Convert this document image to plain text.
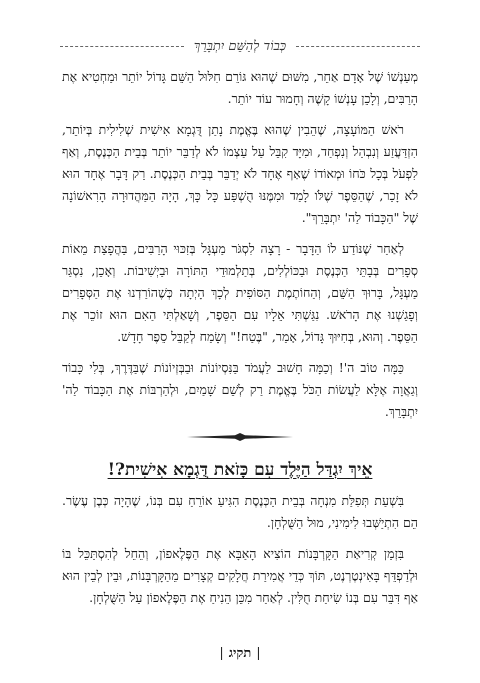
כְּבוֹד לְהַשֵּׁם יִתְבָּרֵךְ

מְעַנְשׁוֹ שֶׁל אָדָם אַחֵר, מִשּׁוּם שֶׁהוּא גּוֹרֵם חִלּוּל הַשֵּׁם גָּדוֹל יוֹתֵר וּמַחְטִיא אֶת הָרַבִּים, וְלָכֵן עָנְשׁוֹ קָשֶׁה וְחָמוּר עוֹד יוֹתֵר.

רֹאשׁ הַמּוֹעָצָה, שֶׁהֵבִין שֶׁהוּא בֶּאֱמֶת נָתַן דֻּגְמָא אִישִׁית שְׁלִילִית בְּיוֹתֵר, הִזְדַּעֲזַע וְנִבְהַל וְנִפְחַד, וּמִיָּד קִבֵּל עַל עַצְמוֹ לֹא לְדַבֵּר יוֹתֵר בְּבֵית הַכְּנֶסֶת, וְאַף לִפְעֹל בְּכָל כֹּחוֹ וּמְאוֹדוֹ שֶׁאַף אֶחָד לֹא יְדַבֵּר בְּבֵית הַכְּנֶסֶת. רַק דָּבָר אֶחָד הוּא לֹא זָכַר, שֶׁהַסֵּפֶר שֶׁלֹּו לָמַד וּמִמֶּנּוּ הֻשְׁפַּע כָּל כָּךְ, הָיָה הַמַּהֲדוּרָה הָרִאשׁוֹנָה שֶׁל "הַכָּבוֹד לַה' יִתְבָּרֵךְ".

לְאַחַר שֶׁנּוֹדַע לוֹ הַדָּבָר - רָצָה לִסְגֹּר מַעְגָּל בְּזִכּוּי הָרַבִּים, בַּהֲפָצַת מֵאוֹת סְפָרִים בְּבָתֵּי הַכְּנֶסֶת וּבַכּוֹלְלִים, בְּתַלְמוּדֵי הַתּוֹרָה וּבַיְשִׁיבוֹת. וְאָכֵן, נִסְגַּר מַעְגָּל, בָּרוּךְ הַשֵּׁם, וְהַחוֹתֶמֶת הַסּוֹפִית לְכָךְ הָיְתָה כְּשֶׁהוֹרַדְנוּ אֶת הַסְּפָרִים וְפָגַשְׁנוּ אֶת הָרֹאשׁ. נִגַּשְׁתִּי אֵלָיו עִם הַסֵּפֶר, וְשָׁאַלְתִּי הַאִם הוּא זוֹכֵר אֶת הַסֵּפֶר. וְהוּא, בְּחִיּוּךְ גָּדוֹל, אָמַר, "בֶּטַח!" וְשָׂמַח לְקַבֵּל סֵפֶר חָדָשׁ.

כַּמָּה טוֹב ה'! וְכַמָּה חָשׁוּב לַעֲמֹד בַּנִּסְיוֹנוֹת וּבַבְּזְיוֹנוֹת שֶׁבַּדֶּרֶךְ, בְּלִי כָּבוֹד וְגַאֲוָה אֶלָּא לַעֲשׂוֹת הַכֹּל בֶּאֱמֶת רַק לְשֵׁם שָׁמַיִם, וּלְהַרְבּוֹת אֶת הַכָּבוֹד לַה' יִתְבָּרֵךְ.

אֵיךְ יִגְדַּל הַיֶּלֶד עִם כָּזֹאת דֻּגְמָא אִישִׁית?!

בִּשְׁעַת תְּפִלַּת מִנְחָה בְּבֵית הַכְּנֶסֶת הִגִּיעַ אוֹרֵחַ עִם בְּנוֹ, שֶׁהָיָה כְּבֶן עֶשֶׂר. הֵם הִתְיַשְּׁבוּ לִימִינִי, מוּל הַשֻּׁלְחָן.

בִּזְמַן קְרִיאַת הַקָּרְבָּנוֹת הוֹצִיא הָאַבָּא אֶת הַפֶּלֶאפוֹן, וְהֵחֵל לְהִסְתַּכֵּל בּוֹ וּלְדַפְדֵּף בָּאִינְטֶרְנֶט, תּוֹךְ כְּדֵי אֲמִירַת חֲלָקִים קְצָרִים מֵהַקָּרְבָּנוֹת, וּבֵין לְבֵין הוּא אַף דִּבֵּר עִם בְּנוֹ שִׂיחַת חֻלִּין. לְאַחַר מִכֵּן הֵנִיחַ אֶת הַפֶּלֶאפוֹן עַל הַשֻּׁלְחָן.

|תקיג|
